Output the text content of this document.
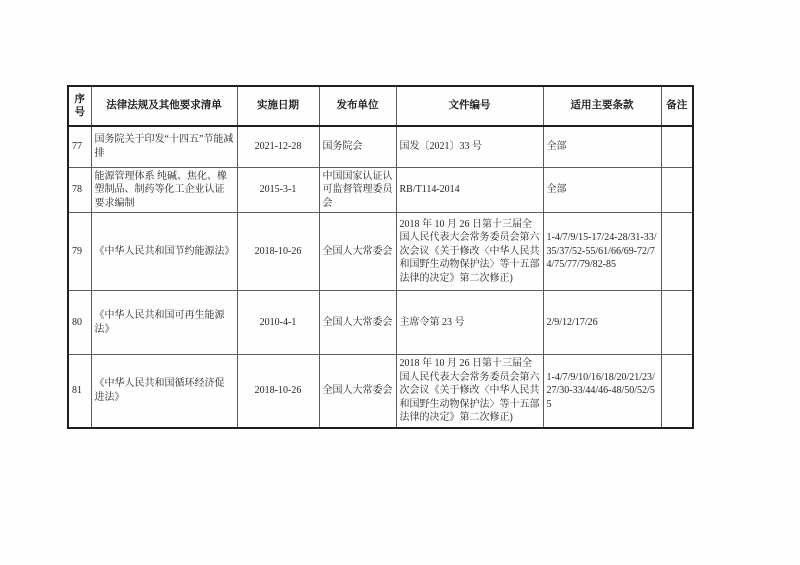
序号	法律法规及其他要求清单	实施日期	发布单位	文件编号	适用主要条款	备注
77	国务院关于印发“十四五”节能减排	2021-12-28	国务院会	国发〔2021〕33 号	全部	
78	能源管理体系 纯碱、焦化、橡塑制品、制药等化工企业认证要求编制	2015-3-1	中国国家认证认可监督管理委员会	RB/T114-2014	全部	
79	《中华人民共和国节约能源法》	2018-10-26	全国人大常委会	2018 年 10 月 26 日第十三届全国人民代表大会常务委员会第六次会议《关于修改〈中华人民共和国野生动物保护法〉等十五部法律的决定》第二次修正)	1-4/7/9/15-17/24-28/31-33/35/37/52-55/61/66/69-72/74/75/77/79/82-85	
80	《中华人民共和国可再生能源法》	2010-4-1	全国人大常委会	主席令第 23 号	2/9/12/17/26	
81	《中华人民共和国循环经济促进法》	2018-10-26	全国人大常委会	2018 年 10 月 26 日第十三届全国人民代表大会常务委员会第六次会议《关于修改〈中华人民共和国野生动物保护法〉等十五部法律的决定》第二次修正)	1-4/7/9/10/16/18/20/21/23/27/30-33/44/46-48/50/52/55	
